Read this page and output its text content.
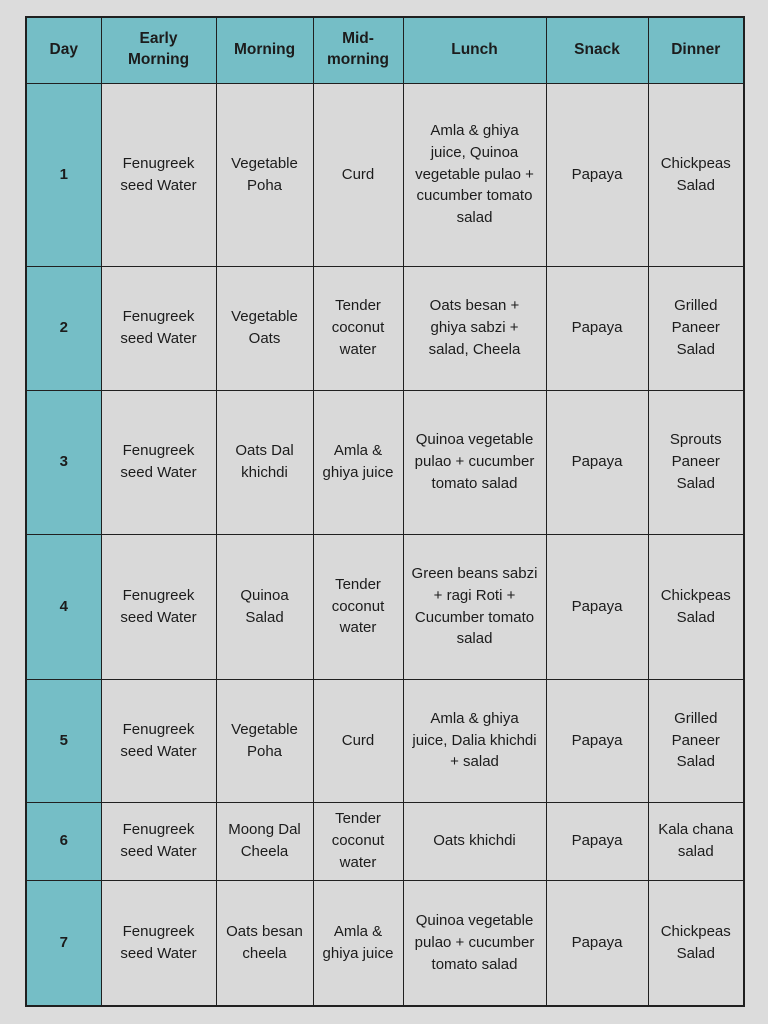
Day	Early Morning	Morning	Mid-morning	Lunch	Snack	Dinner
1	Fenugreek seed Water	Vegetable Poha	Curd	Amla & ghiya juice, Quinoa vegetable pulao + cucumber tomato salad	Papaya	Chickpeas Salad
2	Fenugreek seed Water	Vegetable Oats	Tender coconut water	Oats besan + ghiya sabzi + salad, Cheela	Papaya	Grilled Paneer Salad
3	Fenugreek seed Water	Oats Dal khichdi	Amla & ghiya juice	Quinoa vegetable pulao + cucumber tomato salad	Papaya	Sprouts Paneer Salad
4	Fenugreek seed Water	Quinoa Salad	Tender coconut water	Green beans sabzi + ragi Roti + Cucumber tomato salad	Papaya	Chickpeas Salad
5	Fenugreek seed Water	Vegetable Poha	Curd	Amla & ghiya juice, Dalia khichdi + salad	Papaya	Grilled Paneer Salad
6	Fenugreek seed Water	Moong Dal Cheela	Tender coconut water	Oats khichdi	Papaya	Kala chana salad
7	Fenugreek seed Water	Oats besan cheela	Amla & ghiya juice	Quinoa vegetable pulao + cucumber tomato salad	Papaya	Chickpeas Salad
